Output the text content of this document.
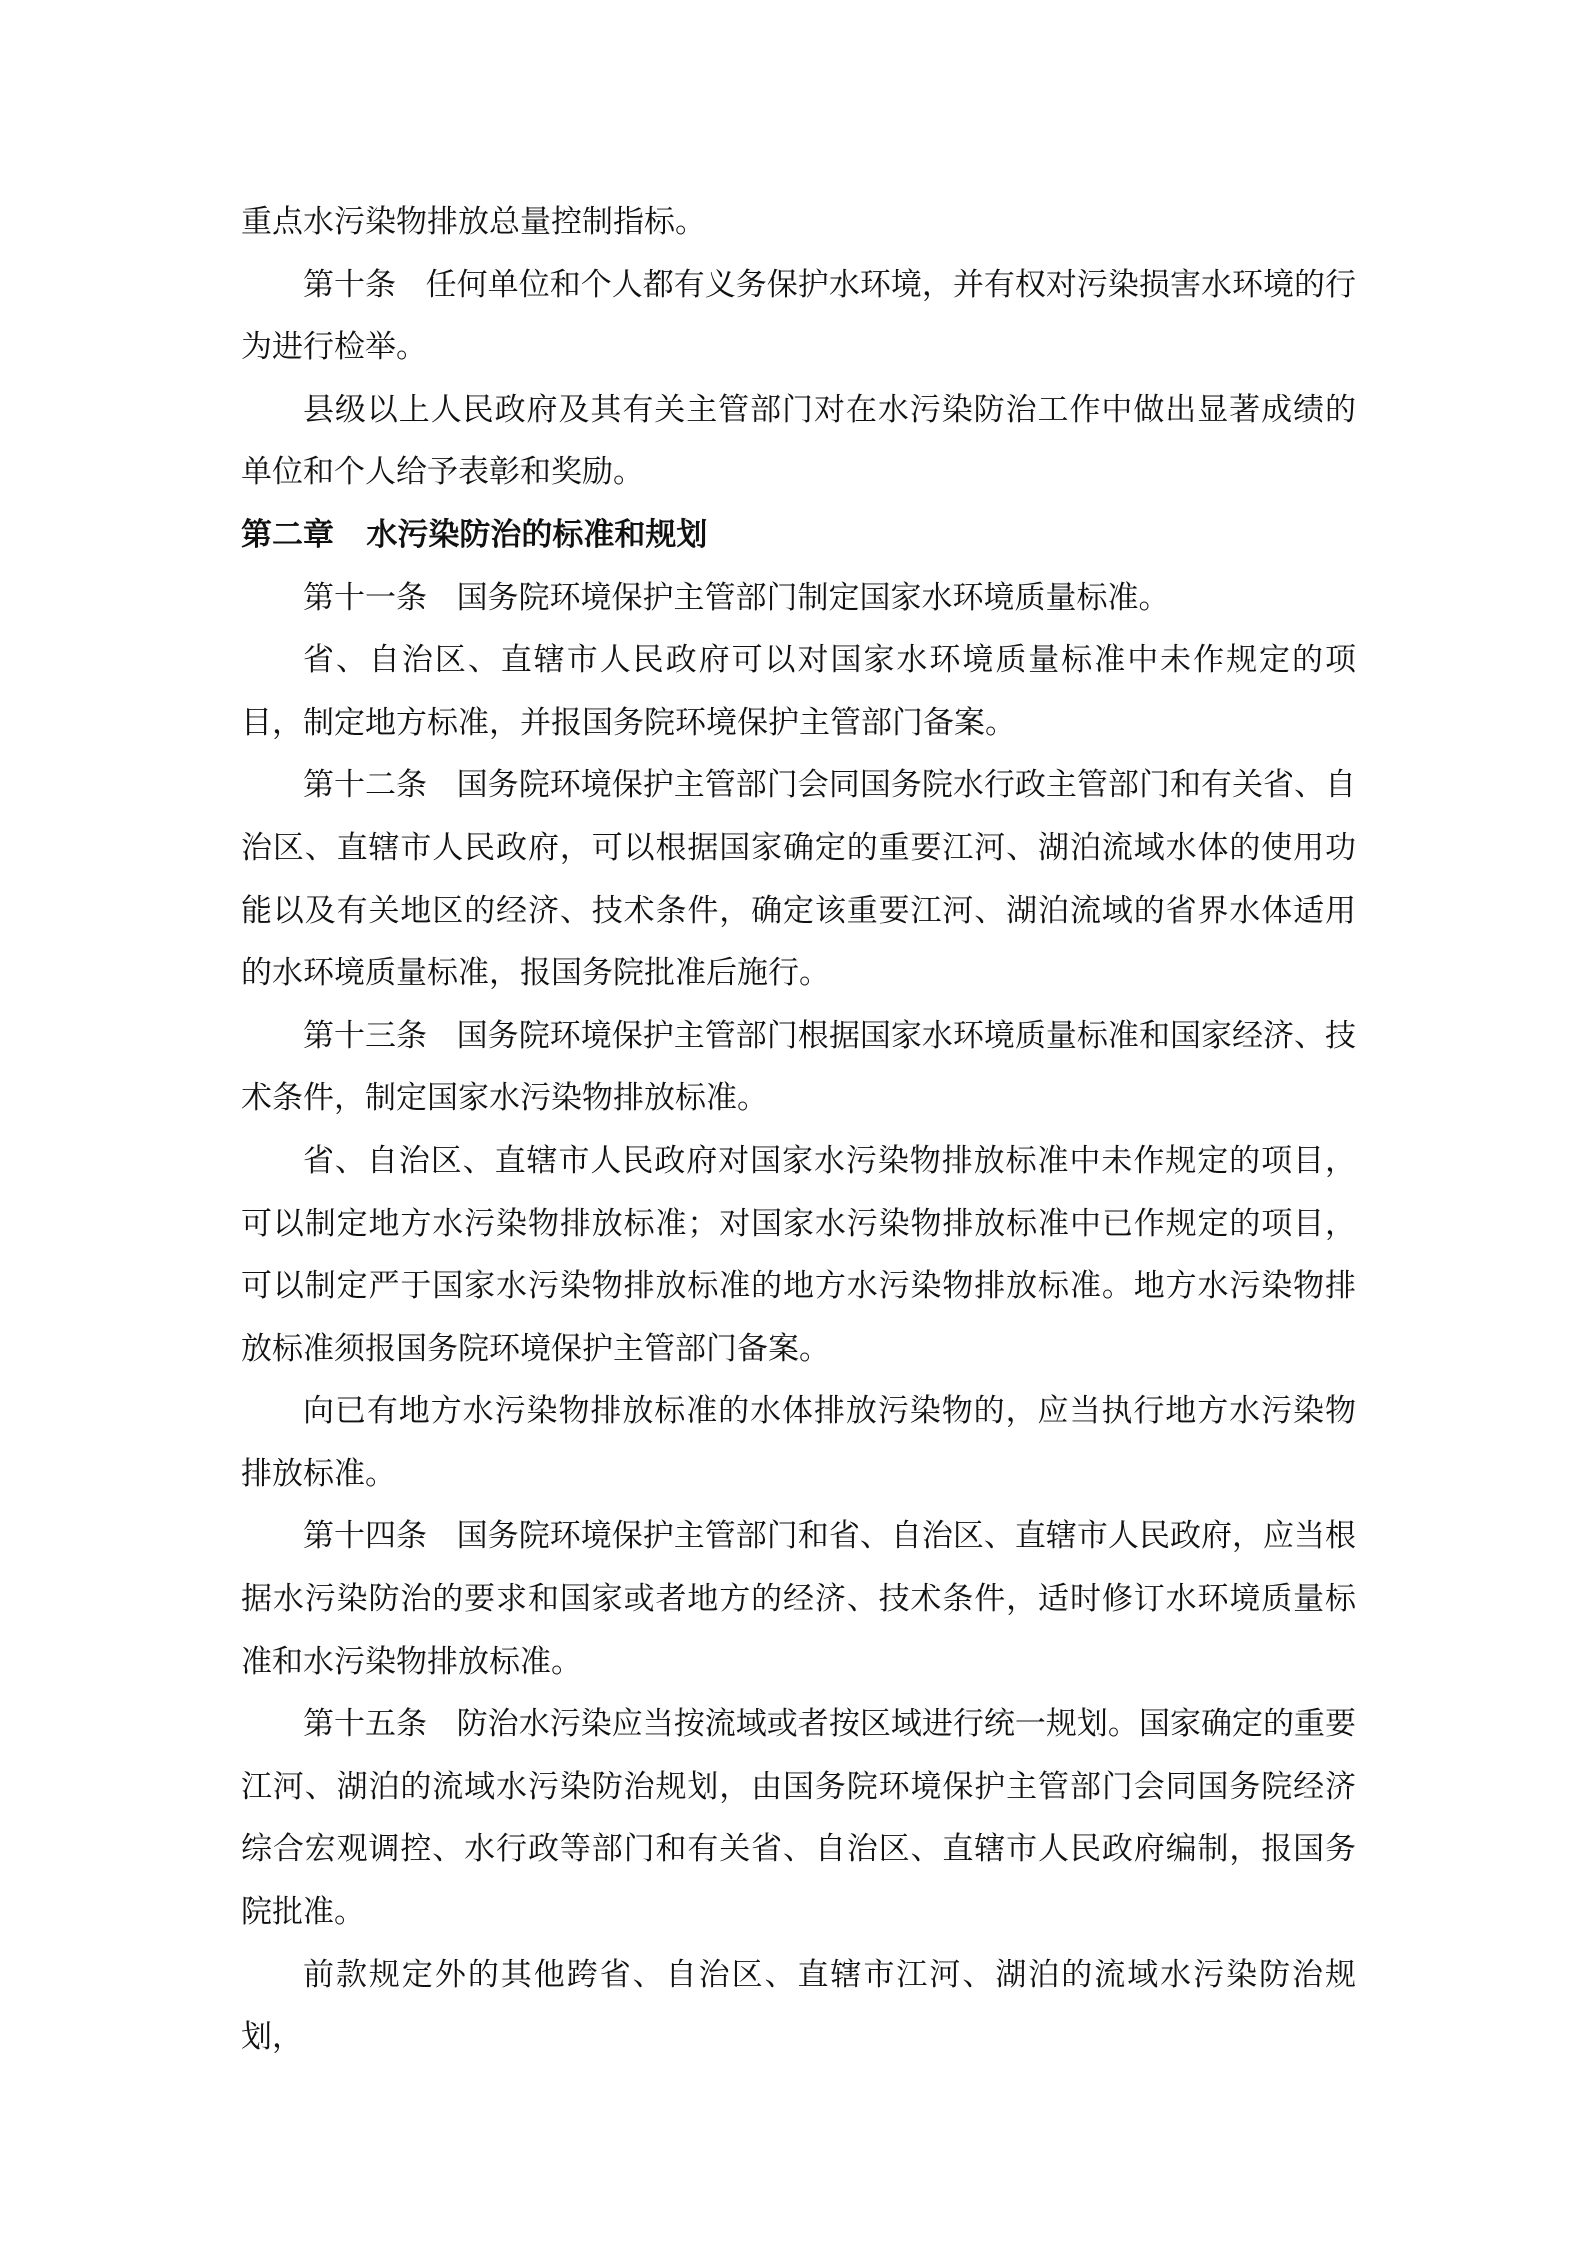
重点水污染物排放总量控制指标。

第十条 任何单位和个人都有义务保护水环境，并有权对污染损害水环境的行为进行检举。

县级以上人民政府及其有关主管部门对在水污染防治工作中做出显著成绩的单位和个人给予表彰和奖励。

第二章 水污染防治的标准和规划

第十一条 国务院环境保护主管部门制定国家水环境质量标准。

省、自治区、直辖市人民政府可以对国家水环境质量标准中未作规定的项目，制定地方标准，并报国务院环境保护主管部门备案。

第十二条 国务院环境保护主管部门会同国务院水行政主管部门和有关省、自治区、直辖市人民政府，可以根据国家确定的重要江河、湖泊流域水体的使用功能以及有关地区的经济、技术条件，确定该重要江河、湖泊流域的省界水体适用的水环境质量标准，报国务院批准后施行。

第十三条 国务院环境保护主管部门根据国家水环境质量标准和国家经济、技术条件，制定国家水污染物排放标准。

省、自治区、直辖市人民政府对国家水污染物排放标准中未作规定的项目，可以制定地方水污染物排放标准；对国家水污染物排放标准中已作规定的项目，可以制定严于国家水污染物排放标准的地方水污染物排放标准。地方水污染物排放标准须报国务院环境保护主管部门备案。

向已有地方水污染物排放标准的水体排放污染物的，应当执行地方水污染物排放标准。

第十四条 国务院环境保护主管部门和省、自治区、直辖市人民政府，应当根据水污染防治的要求和国家或者地方的经济、技术条件，适时修订水环境质量标准和水污染物排放标准。

第十五条 防治水污染应当按流域或者按区域进行统一规划。国家确定的重要江河、湖泊的流域水污染防治规划，由国务院环境保护主管部门会同国务院经济综合宏观调控、水行政等部门和有关省、自治区、直辖市人民政府编制，报国务院批准。

前款规定外的其他跨省、自治区、直辖市江河、湖泊的流域水污染防治规划，
